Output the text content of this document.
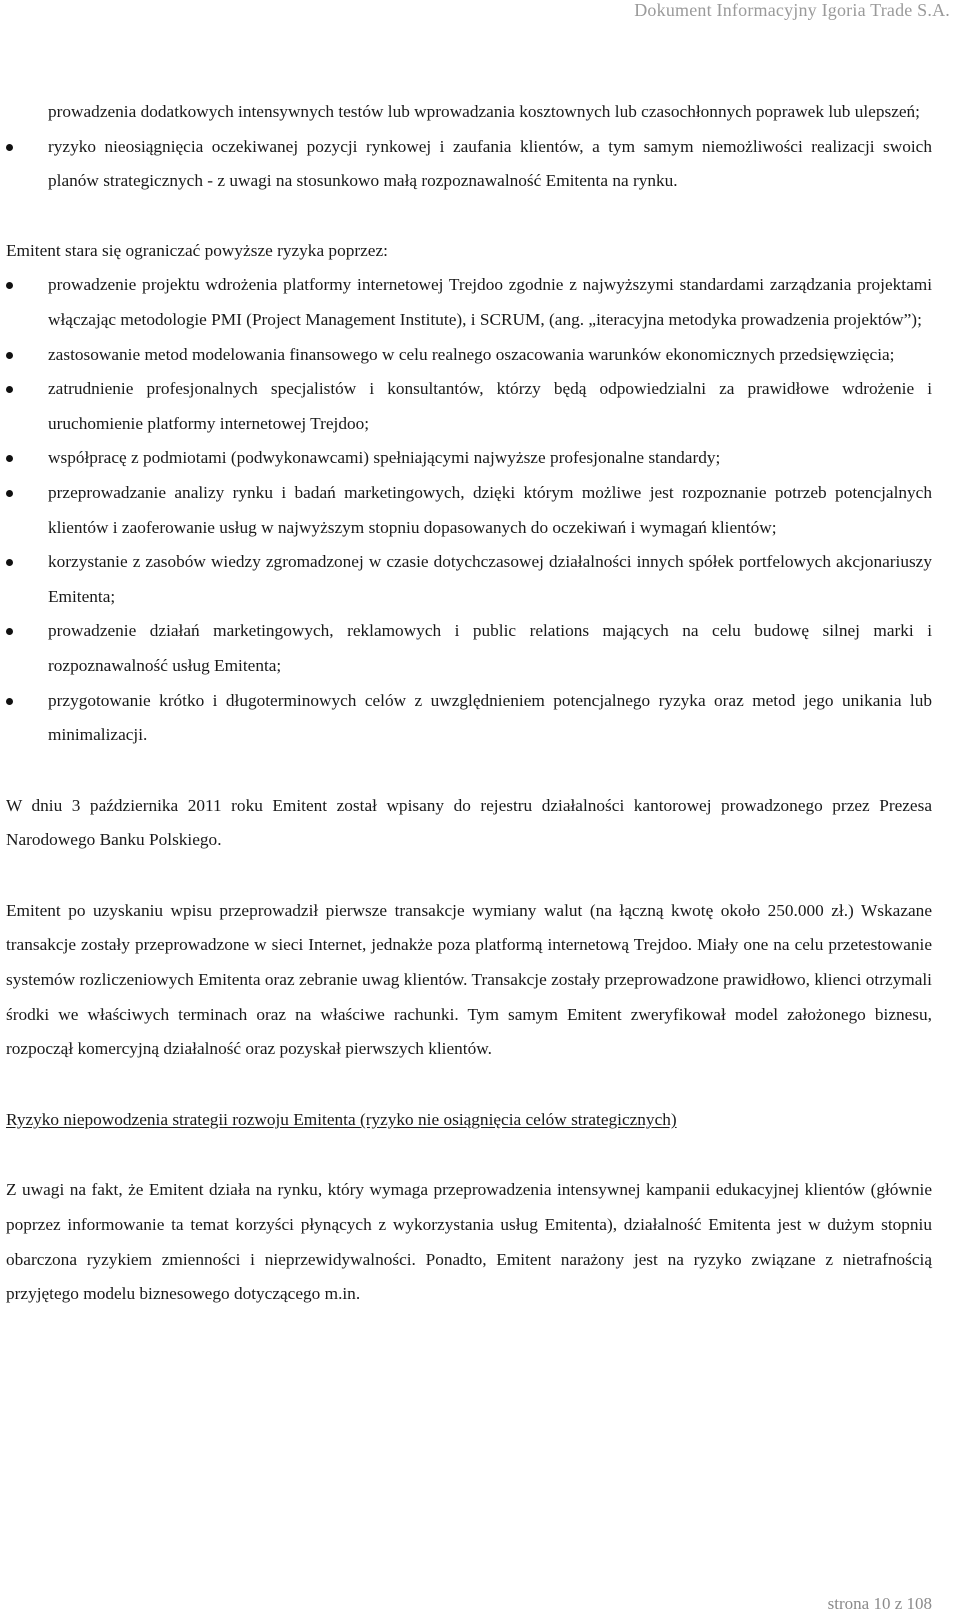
Dokument Informacyjny Igoria Trade S.A.

prowadzenia dodatkowych intensywnych testów lub wprowadzania kosztownych lub czasochłonnych poprawek lub ulepszeń;

ryzyko nieosiągnięcia oczekiwanej pozycji rynkowej i zaufania klientów, a tym samym niemożliwości realizacji swoich planów strategicznych - z uwagi na stosunkowo małą rozpoznawalność Emitenta na rynku.

Emitent stara się ograniczać powyższe ryzyka poprzez:

prowadzenie projektu wdrożenia platformy internetowej Trejdoo zgodnie z najwyższymi standardami zarządzania projektami włączając metodologie PMI (Project Management Institute), i SCRUM, (ang. „iteracyjna metodyka prowadzenia projektów”);
zastosowanie metod modelowania finansowego w celu realnego oszacowania warunków ekonomicznych przedsięwzięcia;
zatrudnienie profesjonalnych specjalistów i konsultantów, którzy będą odpowiedzialni za prawidłowe wdrożenie i uruchomienie platformy internetowej Trejdoo;
współpracę z podmiotami (podwykonawcami) spełniającymi najwyższe profesjonalne standardy;
przeprowadzanie analizy rynku i badań marketingowych, dzięki którym możliwe jest rozpoznanie potrzeb potencjalnych klientów i zaoferowanie usług w najwyższym stopniu dopasowanych do oczekiwań i wymagań klientów;
korzystanie z zasobów wiedzy zgromadzonej w czasie dotychczasowej działalności innych spółek portfelowych akcjonariuszy Emitenta;
prowadzenie działań marketingowych, reklamowych i public relations mających na celu budowę silnej marki i rozpoznawalność usług Emitenta;
przygotowanie krótko i długoterminowych celów z uwzględnieniem potencjalnego ryzyka oraz metod jego unikania lub minimalizacji.

W dniu 3 października 2011 roku Emitent został wpisany do rejestru działalności kantorowej prowadzonego przez Prezesa Narodowego Banku Polskiego.

Emitent po uzyskaniu wpisu przeprowadził pierwsze transakcje wymiany walut (na łączną kwotę około 250.000 zł.) Wskazane transakcje zostały przeprowadzone w sieci Internet, jednakże poza platformą internetową Trejdoo. Miały one na celu przetestowanie systemów rozliczeniowych Emitenta oraz zebranie uwag klientów. Transakcje zostały przeprowadzone prawidłowo, klienci otrzymali środki we właściwych terminach oraz na właściwe rachunki. Tym samym Emitent zweryfikował model założonego biznesu, rozpoczął komercyjną działalność oraz pozyskał pierwszych klientów.

Ryzyko niepowodzenia strategii rozwoju Emitenta (ryzyko nie osiągnięcia celów strategicznych)

Z uwagi na fakt, że Emitent działa na rynku, który wymaga przeprowadzenia intensywnej kampanii edukacyjnej klientów (głównie poprzez informowanie ta temat korzyści płynących z wykorzystania usług Emitenta), działalność Emitenta jest w dużym stopniu obarczona ryzykiem zmienności i nieprzewidywalności. Ponadto, Emitent narażony jest na ryzyko związane z nietrafnością przyjętego modelu biznesowego dotyczącego m.in.

strona 10 z 108
